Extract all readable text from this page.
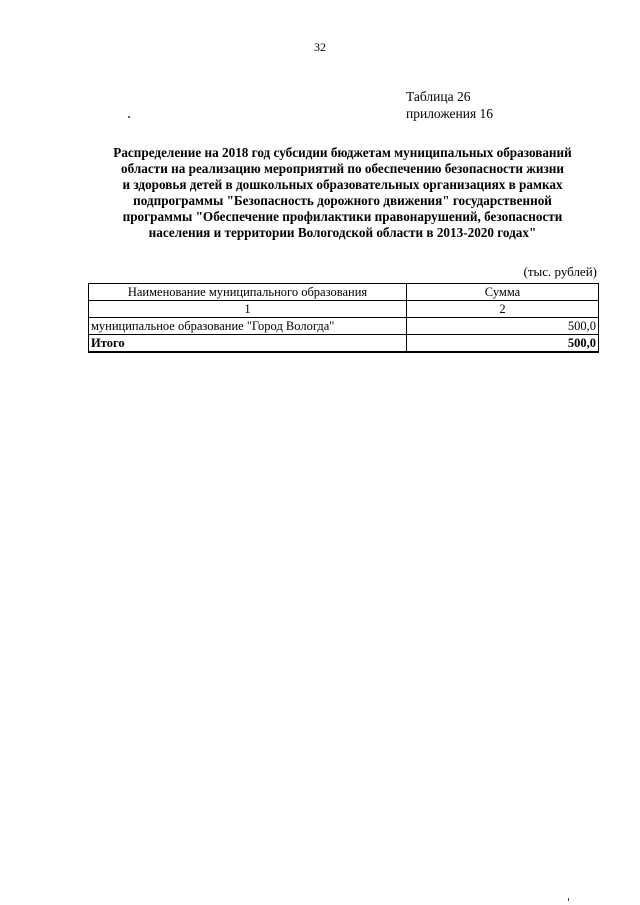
32
Таблица 26
приложения 16
Распределение на 2018 год субсидии бюджетам муниципальных образований
области на реализацию мероприятий по обеспечению безопасности жизни
и здоровья детей в дошкольных образовательных организациях в рамках
подпрограммы "Безопасность дорожного движения" государственной
программы "Обеспечение профилактики правонарушений, безопасности
населения и территории Вологодской области в 2013-2020 годах"
(тыс. рублей)
Наименование муниципального образования	Сумма
1	2
муниципальное образование "Город Вологда"	500,0
Итого	500,0
